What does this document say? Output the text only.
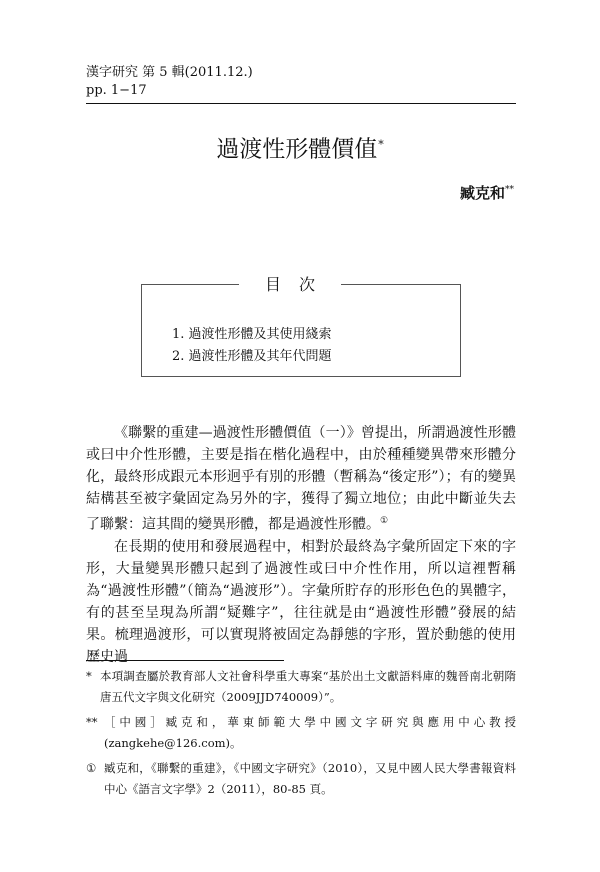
漢字研究 第 5 輯(2011.12.)
pp. 1−17
過渡性形體價值*
臧克和**
目次
1. 過渡性形體及其使用綫索
2. 過渡性形體及其年代問題

《聯繫的重建—過渡性形體價值（一）》曾提出，所謂過渡性形體或曰中介性形體，主要是指在楷化過程中，由於種種變異帶來形體分化，最終形成跟元本形迥乎有別的形體（暫稱為“後定形”）；有的變異結構甚至被字彙固定為另外的字，獲得了獨立地位；由此中斷並失去了聯繫：這其間的變異形體，都是過渡性形體。①

在長期的使用和發展過程中，相對於最終為字彙所固定下來的字形，大量變異形體只起到了過渡性或曰中介性作用，所以這裡暫稱為“過渡性形體”（簡為“過渡形”）。字彙所貯存的形形色色的異體字，有的甚至呈現為所謂“疑難字”，往往就是由“過渡性形體”發展的結果。梳理過渡形，可以實現將被固定為靜態的字形，置於動態的使用歷史過

* 本項調查屬於教育部人文社會科學重大專案“基於出土文獻語料庫的魏晉南北朝隋唐五代文字與文化研究（2009JJD740009）”。
** ［中國］臧克和，華東師範大學中國文字研究與應用中心教授(zangkehe@126.com)。
① 臧克和，《聯繫的重建》，《中國文字研究》（2010），又見中國人民大學書報資料中心《語言文字學》2（2011），80-85 頁。
